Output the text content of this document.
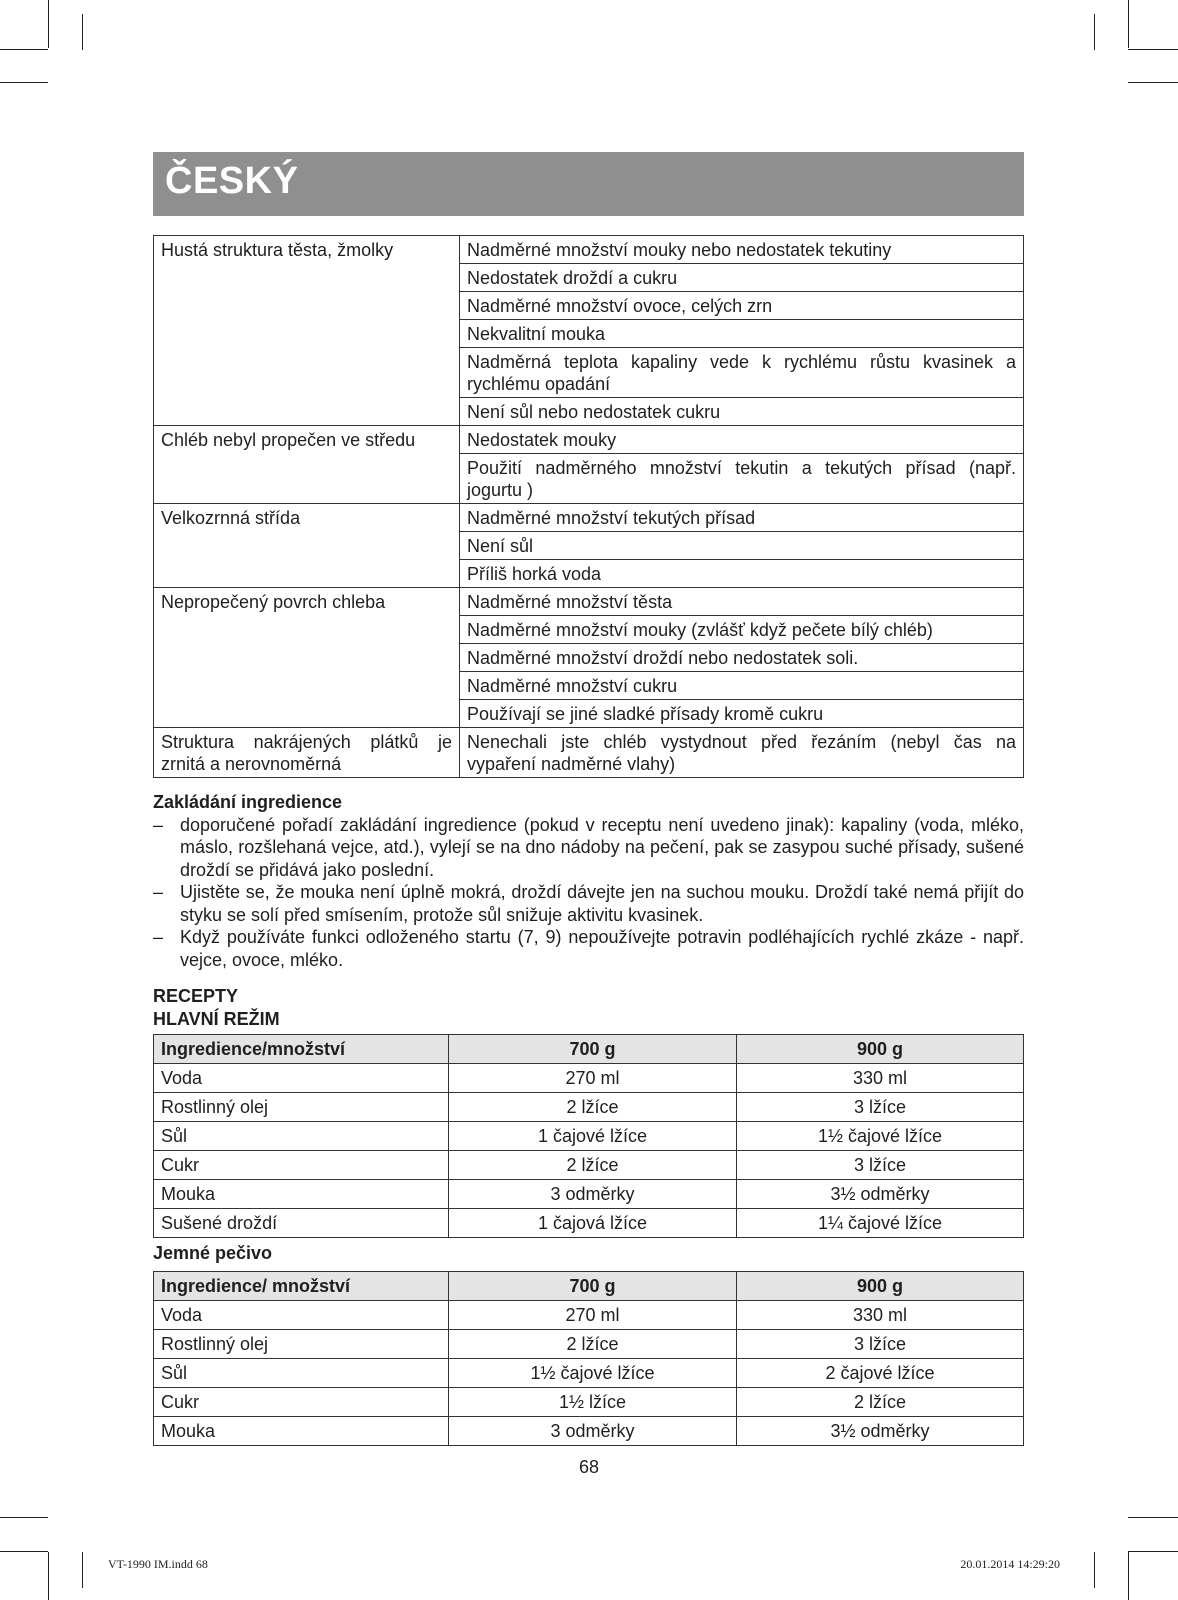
ČESKÝ
Hustá struktura těsta, žmolky	Nadměrné množství mouky nebo nedostatek tekutiny
	Nedostatek droždí a cukru
	Nadměrné množství ovoce, celých zrn
	Nekvalitní mouka
	Nadměrná teplota kapaliny vede k rychlému růstu kvasinek a rychlému opadání
	Není sůl nebo nedostatek cukru
Chléb nebyl propečen ve středu	Nedostatek mouky
	Použití nadměrného množství tekutin a tekutých přísad (např. jogurtu )
Velkozrnná střída	Nadměrné množství tekutých přísad
	Není sůl
	Příliš horká voda
Nepropečený povrch chleba	Nadměrné množství těsta
	Nadměrné množství mouky (zvlášť když pečete bílý chléb)
	Nadměrné množství droždí nebo nedostatek soli.
	Nadměrné množství cukru
	Používají se jiné sladké přísady kromě cukru
Struktura nakrájených plátků je zrnitá a nerovnoměrná	Nenechali jste chléb vystydnout před řezáním (nebyl čas na vypaření nadměrné vlahy)
Zakládání ingredience
– doporučené pořadí zakládání ingredience (pokud v receptu není uvedeno jinak): kapaliny (voda, mléko, máslo, rozšlehaná vejce, atd.), vylejí se na dno nádoby na pečení, pak se zasypou suché přísady, sušené droždí se přidává jako poslední.
– Ujistěte se, že mouka není úplně mokrá, droždí dávejte jen na suchou mouku. Droždí také nemá přijít do styku se solí před smísením, protože sůl snižuje aktivitu kvasinek.
– Když používáte funkci odloženého startu (7, 9) nepoužívejte potravin podléhajících rychlé zkáze - např. vejce, ovoce, mléko.
RECEPTY
HLAVNÍ REŽIM
Ingredience/množství	700 g	900 g
Voda	270 ml	330 ml
Rostlinný olej	2 lžíce	3 lžíce
Sůl	1 čajové lžíce	1½ čajové lžíce
Cukr	2 lžíce	3 lžíce
Mouka	3 odměrky	3½ odměrky
Sušené droždí	1 čajová lžíce	1¼ čajové lžíce
Jemné pečivo
Ingredience/ množství	700 g	900 g
Voda	270 ml	330 ml
Rostlinný olej	2 lžíce	3 lžíce
Sůl	1½ čajové lžíce	2 čajové lžíce
Cukr	1½ lžíce	2 lžíce
Mouka	3 odměrky	3½ odměrky
68
VT-1990 IM.indd 68	20.01.2014 14:29:20
